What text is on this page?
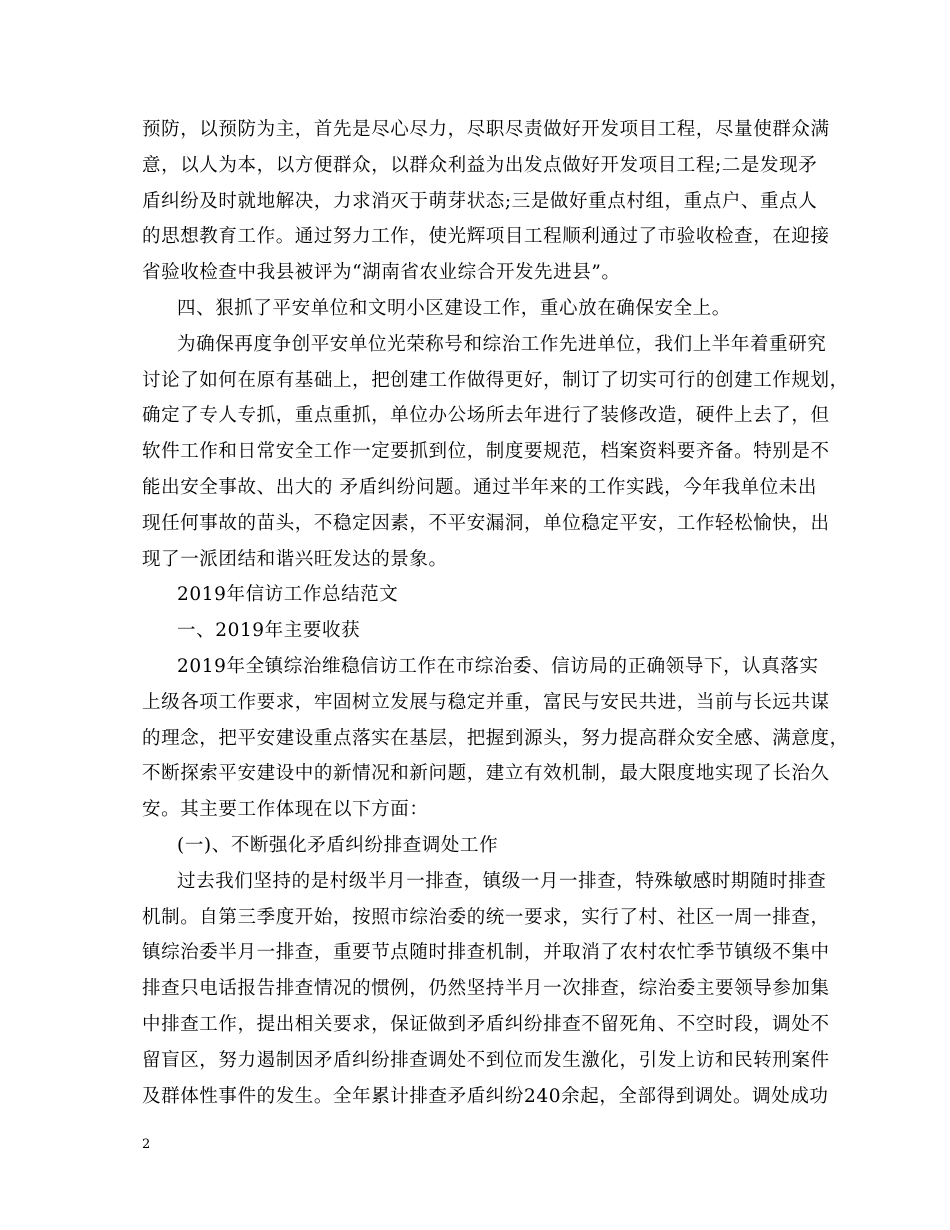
预防，以预防为主，首先是尽心尽力，尽职尽责做好开发项目工程，尽量使群众满
意，以人为本，以方便群众，以群众利益为出发点做好开发项目工程;二是发现矛
盾纠纷及时就地解决，力求消灭于萌芽状态;三是做好重点村组，重点户、重点人
的思想教育工作。通过努力工作，使光辉项目工程顺利通过了市验收检查，在迎接
省验收检查中我县被评为“湖南省农业综合开发先进县”。
四、狠抓了平安单位和文明小区建设工作，重心放在确保安全上。
为确保再度争创平安单位光荣称号和综治工作先进单位，我们上半年着重研究
讨论了如何在原有基础上，把创建工作做得更好，制订了切实可行的创建工作规划，
确定了专人专抓，重点重抓，单位办公场所去年进行了装修改造，硬件上去了，但
软件工作和日常安全工作一定要抓到位，制度要规范，档案资料要齐备。特别是不
能出安全事故、出大的 矛盾纠纷问题。通过半年来的工作实践，今年我单位未出
现任何事故的苗头，不稳定因素，不平安漏洞，单位稳定平安，工作轻松愉快，出
现了一派团结和谐兴旺发达的景象。
2019年信访工作总结范文
一、2019年主要收获
2019年全镇综治维稳信访工作在市综治委、信访局的正确领导下，认真落实
上级各项工作要求，牢固树立发展与稳定并重，富民与安民共进，当前与长远共谋
的理念，把平安建设重点落实在基层，把握到源头，努力提高群众安全感、满意度，
不断探索平安建设中的新情况和新问题，建立有效机制，最大限度地实现了长治久
安。其主要工作体现在以下方面：
(一)、不断强化矛盾纠纷排查调处工作
过去我们坚持的是村级半月一排查，镇级一月一排查，特殊敏感时期随时排查
机制。自第三季度开始，按照市综治委的统一要求，实行了村、社区一周一排查，
镇综治委半月一排查，重要节点随时排查机制，并取消了农村农忙季节镇级不集中
排查只电话报告排查情况的惯例，仍然坚持半月一次排查，综治委主要领导参加集
中排查工作，提出相关要求，保证做到矛盾纠纷排查不留死角、不空时段，调处不
留盲区，努力遏制因矛盾纠纷排查调处不到位而发生激化，引发上访和民转刑案件
及群体性事件的发生。全年累计排查矛盾纠纷240余起，全部得到调处。调处成功
2
